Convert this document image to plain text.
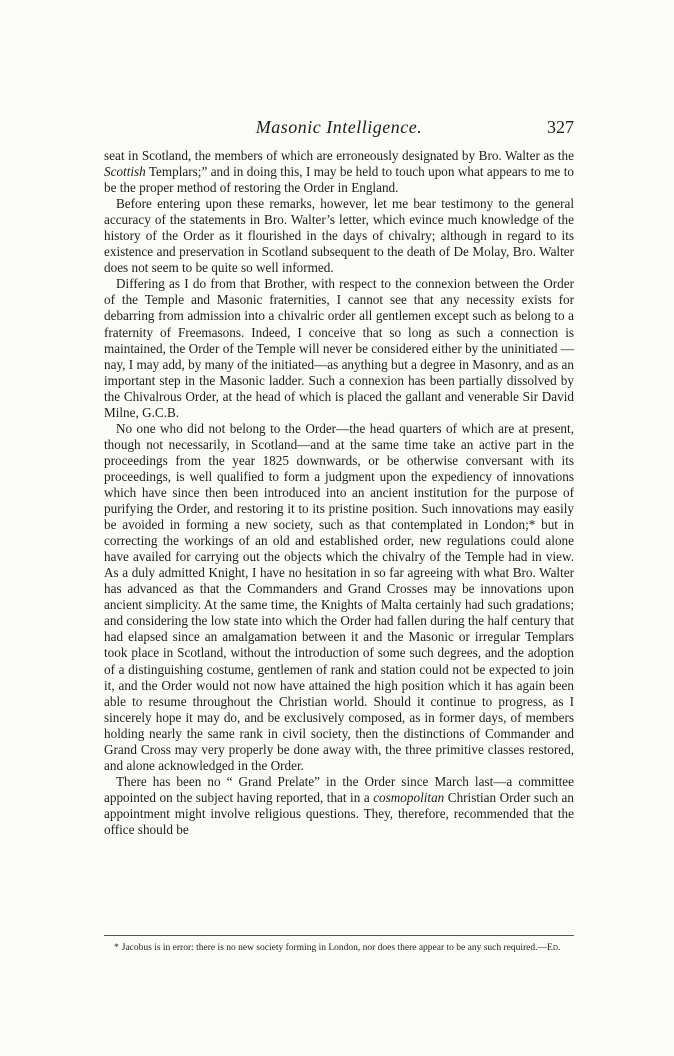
Masonic Intelligence.	327

seat in Scotland, the members of which are erroneously designated by Bro. Walter as the Scottish Templars;” and in doing this, I may be held to touch upon what appears to me to be the proper method of restoring the Order in England.

Before entering upon these remarks, however, let me bear testimony to the general accuracy of the statements in Bro. Walter’s letter, which evince much knowledge of the history of the Order as it flourished in the days of chivalry; although in regard to its existence and preservation in Scotland subsequent to the death of De Molay, Bro. Walter does not seem to be quite so well informed.

Differing as I do from that Brother, with respect to the connexion between the Order of the Temple and Masonic fraternities, I cannot see that any necessity exists for debarring from admission into a chivalric order all gentlemen except such as belong to a fraternity of Freemasons. Indeed, I conceive that so long as such a connection is maintained, the Order of the Temple will never be considered either by the uninitiated —nay, I may add, by many of the initiated—as anything but a degree in Masonry, and as an important step in the Masonic ladder. Such a connexion has been partially dissolved by the Chivalrous Order, at the head of which is placed the gallant and venerable Sir David Milne, G.C.B.

No one who did not belong to the Order—the head quarters of which are at present, though not necessarily, in Scotland—and at the same time take an active part in the proceedings from the year 1825 downwards, or be otherwise conversant with its proceedings, is well qualified to form a judgment upon the expediency of innovations which have since then been introduced into an ancient institution for the purpose of purifying the Order, and restoring it to its pristine position. Such innovations may easily be avoided in forming a new society, such as that contemplated in London;* but in correcting the workings of an old and established order, new regulations could alone have availed for carrying out the objects which the chivalry of the Temple had in view. As a duly admitted Knight, I have no hesitation in so far agreeing with what Bro. Walter has advanced as that the Commanders and Grand Crosses may be innovations upon ancient simplicity. At the same time, the Knights of Malta certainly had such gradations; and considering the low state into which the Order had fallen during the half century that had elapsed since an amalgamation between it and the Masonic or irregular Templars took place in Scotland, without the introduction of some such degrees, and the adoption of a distinguishing costume, gentlemen of rank and station could not be expected to join it, and the Order would not now have attained the high position which it has again been able to resume throughout the Christian world. Should it continue to progress, as I sincerely hope it may do, and be exclusively composed, as in former days, of members holding nearly the same rank in civil society, then the distinctions of Commander and Grand Cross may very properly be done away with, the three primitive classes restored, and alone acknowledged in the Order.

There has been no “ Grand Prelate” in the Order since March last—a committee appointed on the subject having reported, that in a cosmopolitan Christian Order such an appointment might involve religious questions. They, therefore, recommended that the office should be

* Jacobus is in error: there is no new society forming in London, nor does there appear to be any such required.—Ed.
